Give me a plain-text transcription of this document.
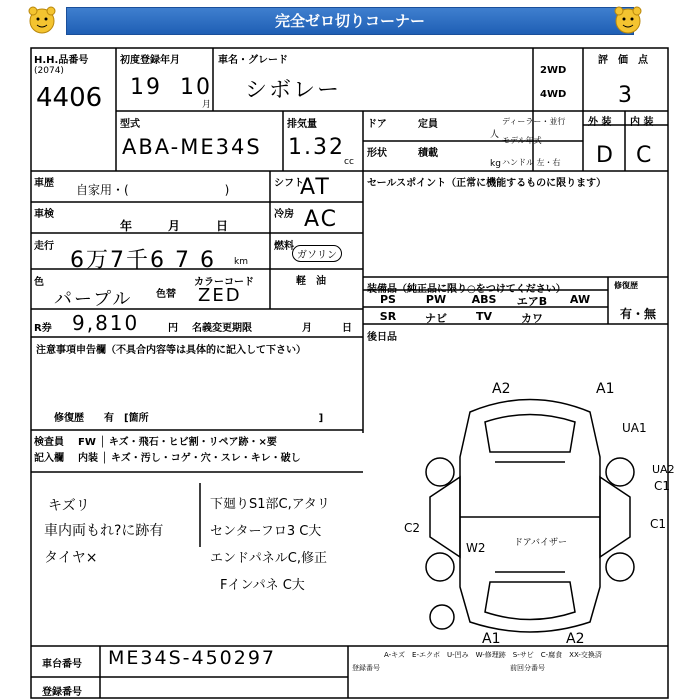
完全ゼロ切りコーナー
H.H.品番号
(2074)
4406
初度登録年月
19 10
月
車名・グレード
シボレー
2WD
4WD
評　価　点
3
型式
ABA-ME34S
排気量
1.32
cc
ドア	定員
人
形状	積載
kg
ディーラー・並行
モデル年式
ハンドル 左・右
外 装 内 装
D C
車歴 自家用・(　　　　　　　　)	シフト
AT
車検
年　　　月　　　日
冷房 AC
走行
6万7千6 7 6 km
燃料
ガソリン
軽　油
色
パープル 色替
カラーコード
ZED
R券 9,810	円 名義変更期限	月　　　日
セールスポイント（正常に機能するものに限ります）
装備品（純正品に限り○をつけてください）	修復歴
有・無
PS	PW	ABS	エアB	AW
SR	ナビ	TV	カワ
後日品
注意事項申告欄（不具合内容等は具体的に記入して下さい）
修復歴　　有　[箇所　　　　　　　　　　　　　　　　　]
検査員
記入欄
FW │ キズ・飛石・ヒビ割・リペア跡・×要
内装 │ キズ・汚し・コゲ・穴・スレ・キレ・破し
キズリ
車内両もれ?に跡有
タイヤ×
下廻りS1部C,アタリ
センターフロ3 C大
エンドパネルC,修正
Fインパネ C大
A2	A1
UA1
UA2
C1
C1
C2
W2	ドアバイザー
A1	A2
A-キズ　E-エクボ　U-凹み　W-修理跡　S-サビ　C-腐食　XX-交換済
車台番号 ME34S-450297
登録番号
登録番号	前回分番号
